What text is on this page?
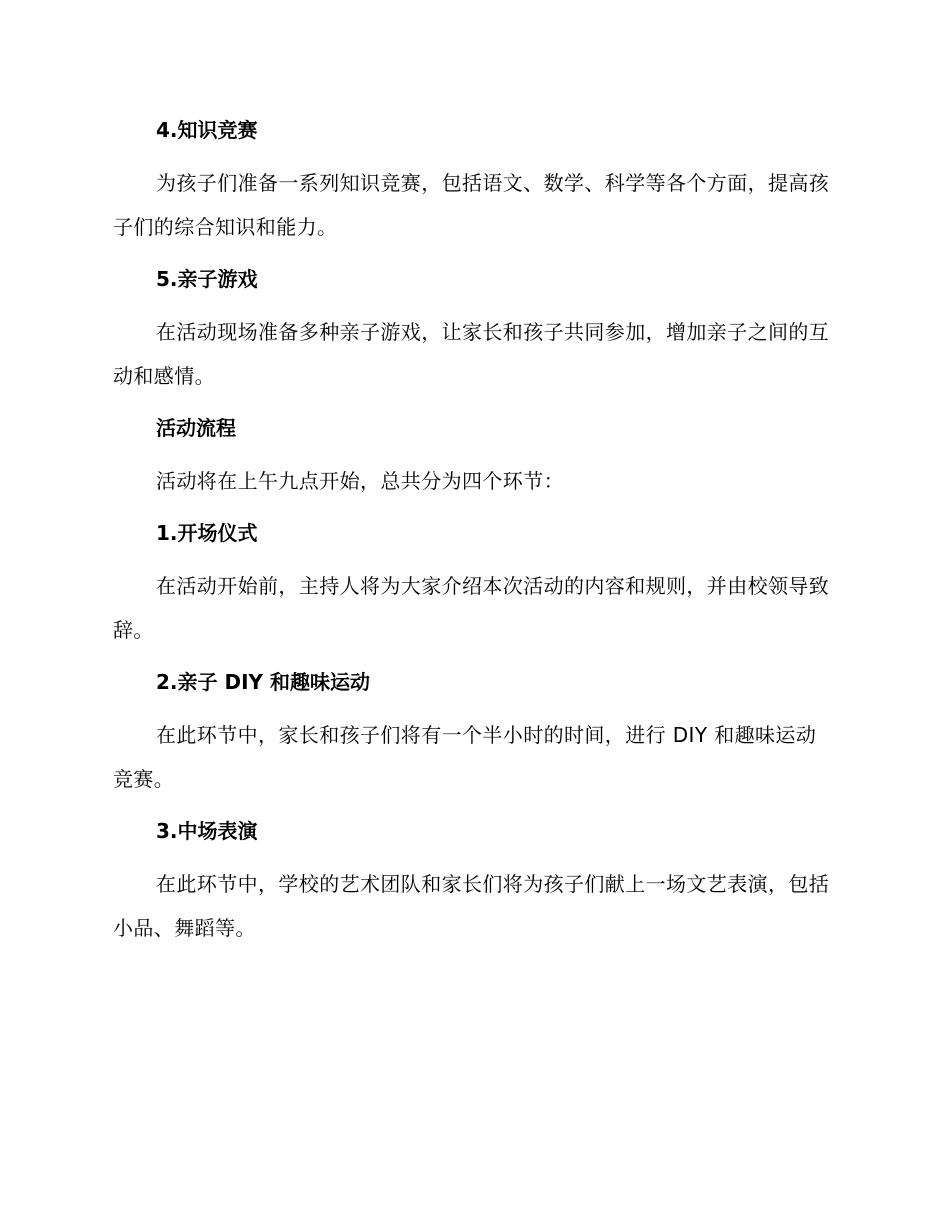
4.知识竞赛

为孩子们准备一系列知识竞赛，包括语文、数学、科学等各个方面，提高孩子们的综合知识和能力。

5.亲子游戏

在活动现场准备多种亲子游戏，让家长和孩子共同参加，增加亲子之间的互动和感情。

活动流程

活动将在上午九点开始，总共分为四个环节：

1.开场仪式

在活动开始前，主持人将为大家介绍本次活动的内容和规则，并由校领导致辞。

2.亲子 DIY 和趣味运动

在此环节中，家长和孩子们将有一个半小时的时间，进行 DIY 和趣味运动竞赛。

3.中场表演

在此环节中，学校的艺术团队和家长们将为孩子们献上一场文艺表演，包括小品、舞蹈等。
